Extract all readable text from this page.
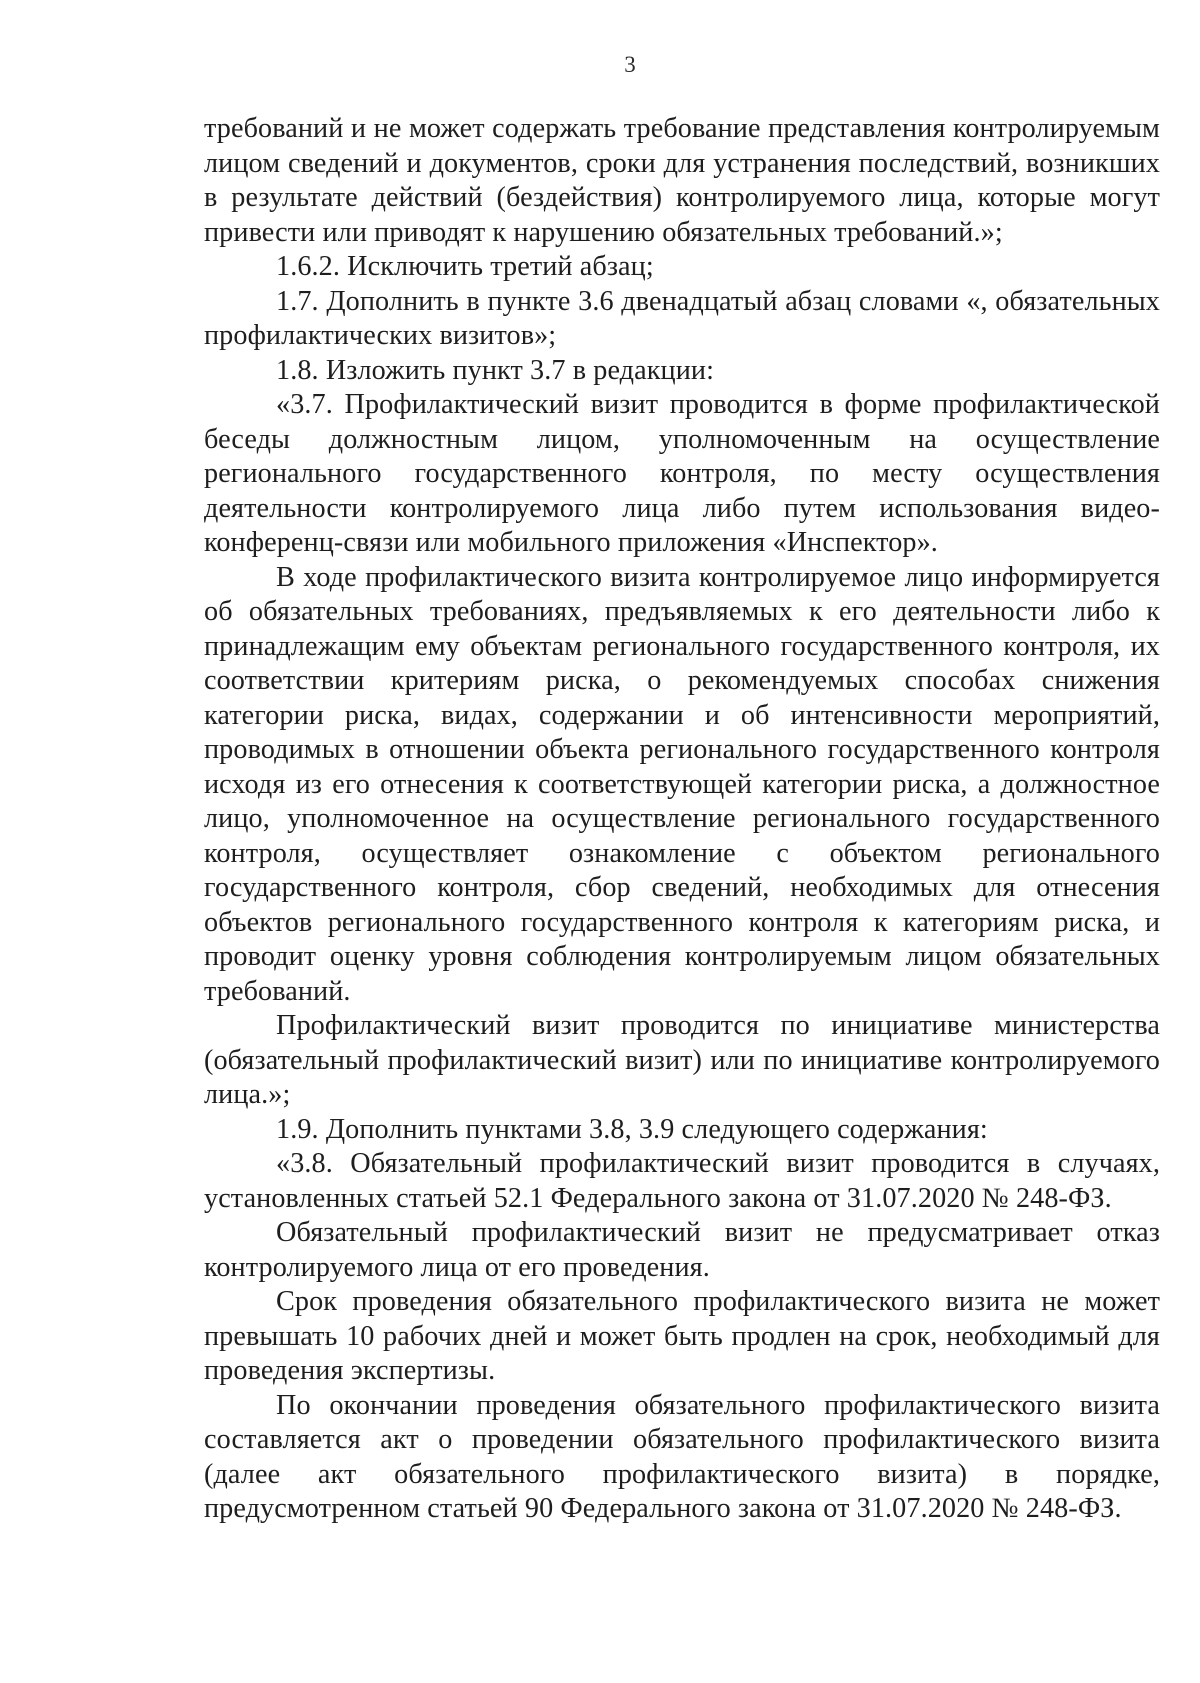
3

требований и не может содержать требование представления контролируемым лицом сведений и документов, сроки для устранения последствий, возникших в результате действий (бездействия) контролируемого лица, которые могут привести или приводят к нарушению обязательных требований.»;

1.6.2. Исключить третий абзац;

1.7. Дополнить в пункте 3.6 двенадцатый абзац словами «, обязательных профилактических визитов»;

1.8. Изложить пункт 3.7 в редакции:

«3.7. Профилактический визит проводится в форме профилактической беседы должностным лицом, уполномоченным на осуществление регионального государственного контроля, по месту осуществления деятельности контролируемого лица либо путем использования видео-конференц-связи или мобильного приложения «Инспектор».

В ходе профилактического визита контролируемое лицо информируется об обязательных требованиях, предъявляемых к его деятельности либо к принадлежащим ему объектам регионального государственного контроля, их соответствии критериям риска, о рекомендуемых способах снижения категории риска, видах, содержании и об интенсивности мероприятий, проводимых в отношении объекта регионального государственного контроля исходя из его отнесения к соответствующей категории риска, а должностное лицо, уполномоченное на осуществление регионального государственного контроля, осуществляет ознакомление с объектом регионального государственного контроля, сбор сведений, необходимых для отнесения объектов регионального государственного контроля к категориям риска, и проводит оценку уровня соблюдения контролируемым лицом обязательных требований.

Профилактический визит проводится по инициативе министерства (обязательный профилактический визит) или по инициативе контролируемого лица.»;

1.9. Дополнить пунктами 3.8, 3.9 следующего содержания:

«3.8. Обязательный профилактический визит проводится в случаях, установленных статьей 52.1 Федерального закона от 31.07.2020 № 248-ФЗ.

Обязательный профилактический визит не предусматривает отказ контролируемого лица от его проведения.

Срок проведения обязательного профилактического визита не может превышать 10 рабочих дней и может быть продлен на срок, необходимый для проведения экспертизы.

По окончании проведения обязательного профилактического визита составляется акт о проведении обязательного профилактического визита (далее акт обязательного профилактического визита) в порядке, предусмотренном статьей 90 Федерального закона от 31.07.2020 № 248-ФЗ.
